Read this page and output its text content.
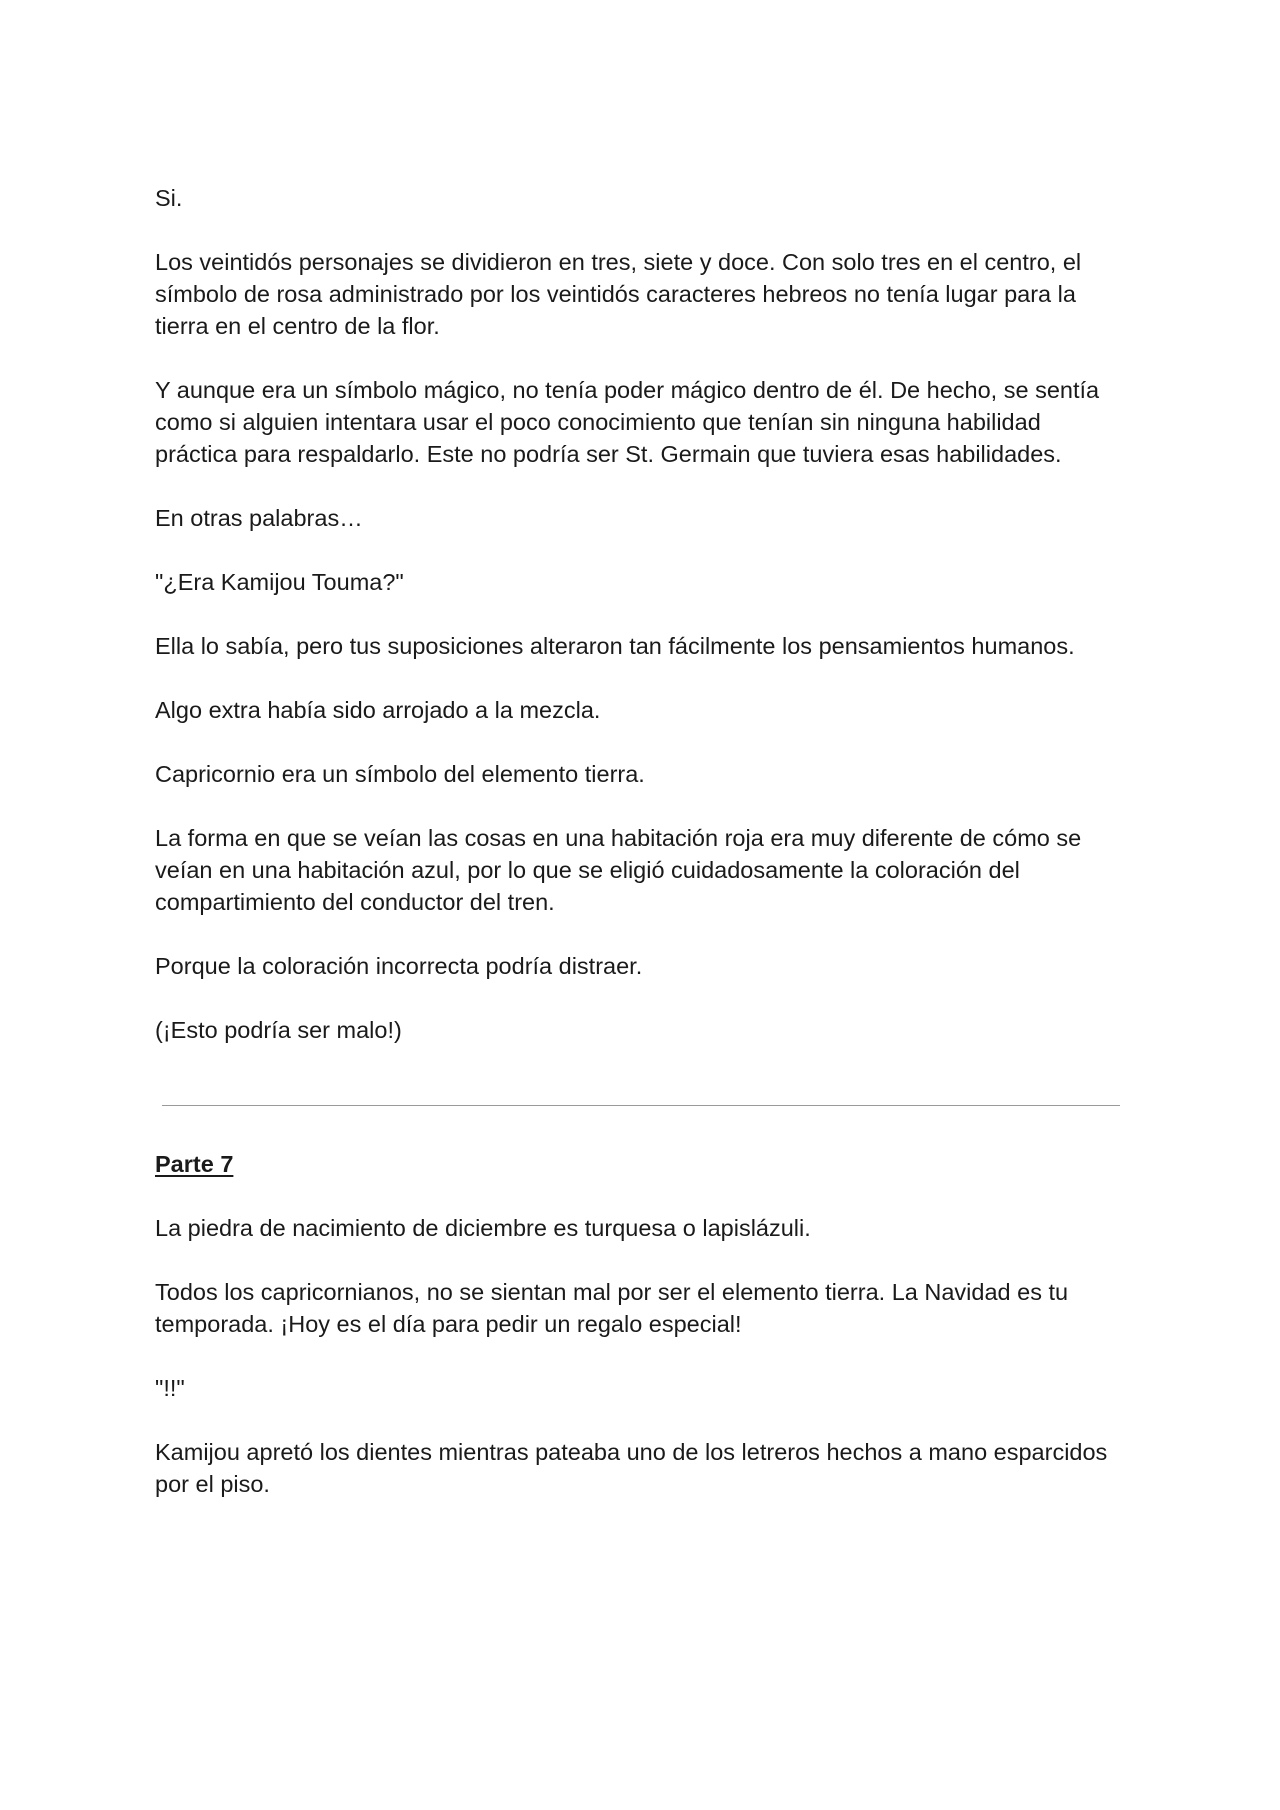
Si.

Los veintidós personajes se dividieron en tres, siete y doce. Con solo tres en el centro, el símbolo de rosa administrado por los veintidós caracteres hebreos no tenía lugar para la tierra en el centro de la flor.

Y aunque era un símbolo mágico, no tenía poder mágico dentro de él. De hecho, se sentía como si alguien intentara usar el poco conocimiento que tenían sin ninguna habilidad práctica para respaldarlo. Este no podría ser St. Germain que tuviera esas habilidades.

En otras palabras…

"¿Era Kamijou Touma?"

Ella lo sabía, pero tus suposiciones alteraron tan fácilmente los pensamientos humanos.

Algo extra había sido arrojado a la mezcla.

Capricornio era un símbolo del elemento tierra.

La forma en que se veían las cosas en una habitación roja era muy diferente de cómo se veían en una habitación azul, por lo que se eligió cuidadosamente la coloración del compartimiento del conductor del tren.

Porque la coloración incorrecta podría distraer.

(¡Esto podría ser malo!)

Parte 7

La piedra de nacimiento de diciembre es turquesa o lapislázuli.

Todos los capricornianos, no se sientan mal por ser el elemento tierra. La Navidad es tu temporada. ¡Hoy es el día para pedir un regalo especial!

"!!"

Kamijou apretó los dientes mientras pateaba uno de los letreros hechos a mano esparcidos por el piso.
